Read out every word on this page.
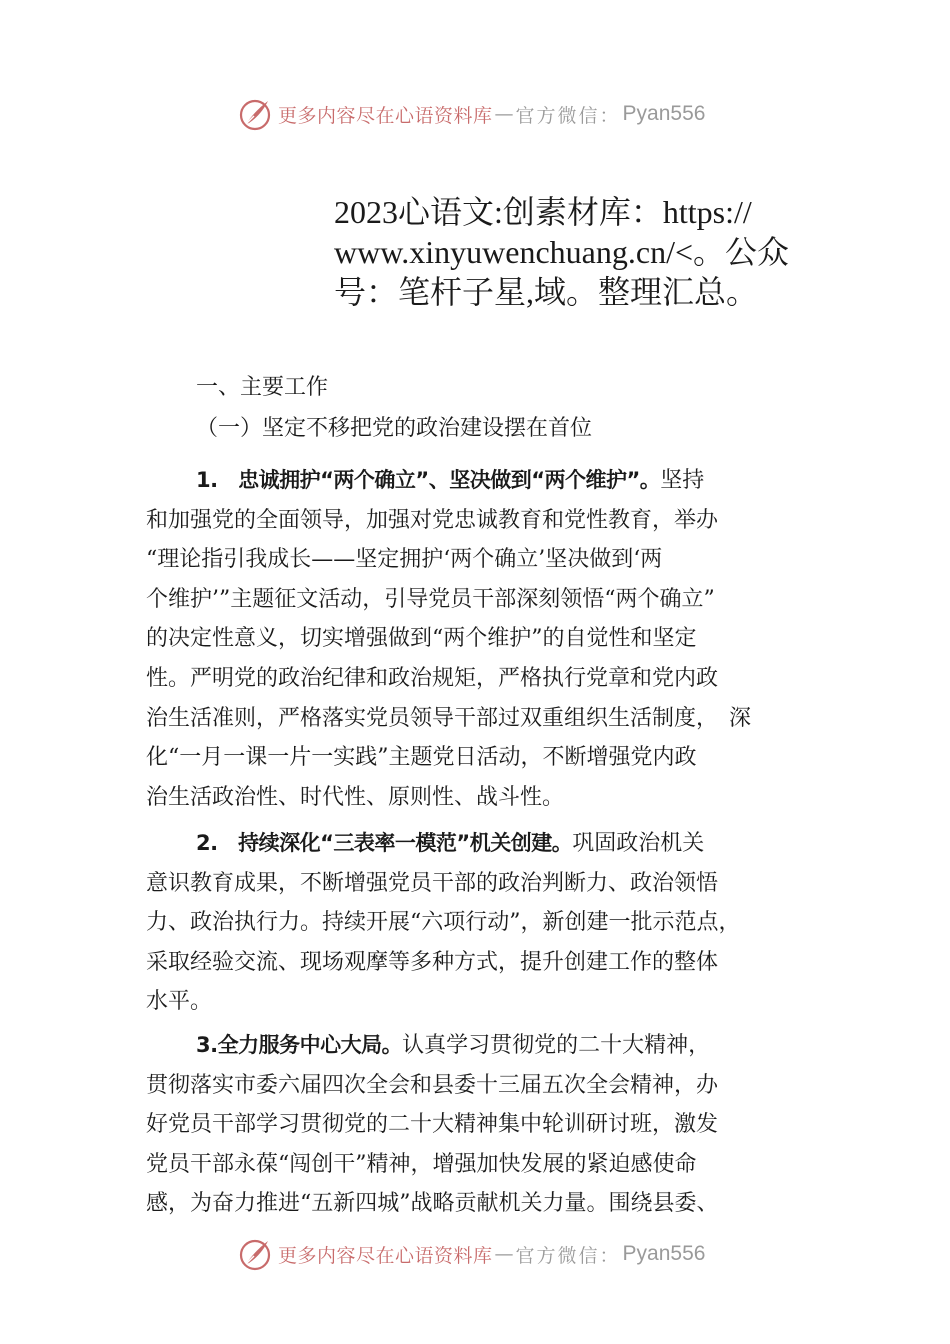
更多内容尽在心语资料库 — 官方微信： Pyan556
2023心语文:创素材库：https://
www.xinyuwenchuang.cn/<。公众
号：笔杆子星,域。整理汇总。
一、主要工作
（一）坚定不移把党的政治建设摆在首位
1.　忠诚拥护“两个确立”、坚决做到“两个维护”。坚持
和加强党的全面领导，加强对党忠诚教育和党性教育，举办
“理论指引我成长——坚定拥护‘两个确立’坚决做到‘两
个维护’”主题征文活动，引导党员干部深刻领悟“两个确立”
的决定性意义，切实增强做到“两个维护”的自觉性和坚定
性。严明党的政治纪律和政治规矩，严格执行党章和党内政
治生活准则，严格落实党员领导干部过双重组织生活制度，　深
化“一月一课一片一实践”主题党日活动，不断增强党内政
治生活政治性、时代性、原则性、战斗性。
2.　持续深化“三表率一模范”机关创建。巩固政治机关
意识教育成果，不断增强党员干部的政治判断力、政治领悟
力、政治执行力。持续开展“六项行动”，新创建一批示范点，
采取经验交流、现场观摩等多种方式，提升创建工作的整体
水平。
3.全力服务中心大局。认真学习贯彻党的二十大精神，
贯彻落实市委六届四次全会和县委十三届五次全会精神，办
好党员干部学习贯彻党的二十大精神集中轮训研讨班，激发
党员干部永葆“闯创干”精神，增强加快发展的紧迫感使命
感，为奋力推进“五新四城”战略贡献机关力量。围绕县委、
更多内容尽在心语资料库 — 官方微信： Pyan556
